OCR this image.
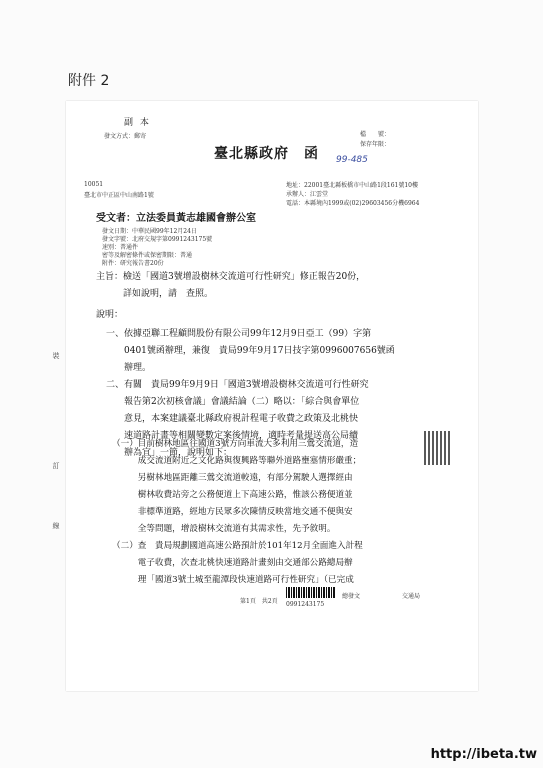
附件 2
副 本
發文方式：郵寄	檔　　號：
保存年限：
臺北縣政府　函 99-485
10051
臺北市中正區中山南路1號
地址：22001臺北縣板橋市中山路1段161號10樓
承辦人：江雲堂
電話：本縣境內1999或(02)29603456分機6964
受文者：立法委員黃志雄國會辦公室
發文日期：中華民國99年12月24日
發文字號：北府交規字第0991243175號
速別：普通件
密等及解密條件或保密期限：普通
附件：研究報告書20份
主旨：檢送「國道3號增設樹林交流道可行性研究」修正報告20份，
　　　詳如說明，請　查照。
說明：
一、依據亞聯工程顧問股份有限公司99年12月9日亞工（99）字第
　　0401號函辦理，兼復　貴局99年9月17日技字第0996007656號函
　　辦理。
二、有關　貴局99年9月9日「國道3號增設樹林交流道可行性研究
　　報告第2次初核會議」會議結論（二）略以：「綜合與會單位
　　意見，本案建議臺北縣政府視計程電子收費之政策及北桃快
　　速道路計畫等相關變數定案後情境，適時考量提送高公局續
　　辦為宜」一節，說明如下：
（一）目前樹林地區往國道3號方向車流大多利用三鶯交流道，造
　　　成交流道附近之文化路與復興路等聯外道路壅塞情形嚴重；
　　　另樹林地區距離三鶯交流道較遠，有部分駕駛人選擇經由
　　　樹林收費站旁之公務便道上下高速公路，惟該公務便道並
　　　非標準道路，經地方民眾多次陳情反映當地交通不便與安
　　　全等問題，增設樹林交流道有其需求性，先予敘明。
（二）查　貴局規劃國道高速公路預計於101年12月全面進入計程
　　　電子收費，次查北桃快速道路計畫刻由交通部公路總局辦
　　　理「國道3號土城至龍潭段快速道路可行性研究」（已完成
裝
訂
線
總發文	交通局
第1頁　共2頁 0991243175
http://ibeta.tw
